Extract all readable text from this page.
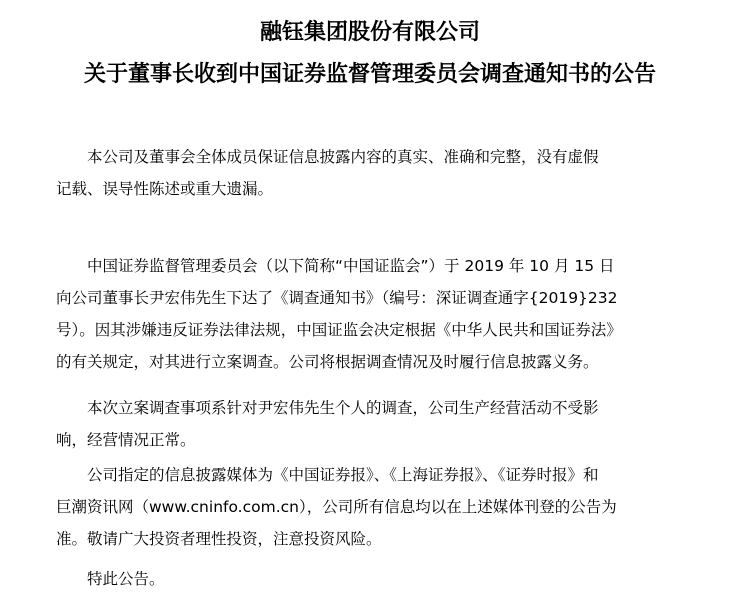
融钰集团股份有限公司
关于董事长收到中国证券监督管理委员会调查通知书的公告
本公司及董事会全体成员保证信息披露内容的真实、准确和完整，没有虚假
记载、误导性陈述或重大遗漏。
中国证券监督管理委员会（以下简称“中国证监会”）于 2019 年 10 月 15 日
向公司董事长尹宏伟先生下达了《调查通知书》（编号：深证调查通字{2019}232
号）。因其涉嫌违反证券法律法规，中国证监会决定根据《中华人民共和国证券法》
的有关规定，对其进行立案调查。公司将根据调查情况及时履行信息披露义务。
本次立案调查事项系针对尹宏伟先生个人的调查，公司生产经营活动不受影
响，经营情况正常。
公司指定的信息披露媒体为《中国证券报》、《上海证券报》、《证券时报》和
巨潮资讯网（www.cninfo.com.cn），公司所有信息均以在上述媒体刊登的公告为
准。敬请广大投资者理性投资，注意投资风险。
特此公告。
